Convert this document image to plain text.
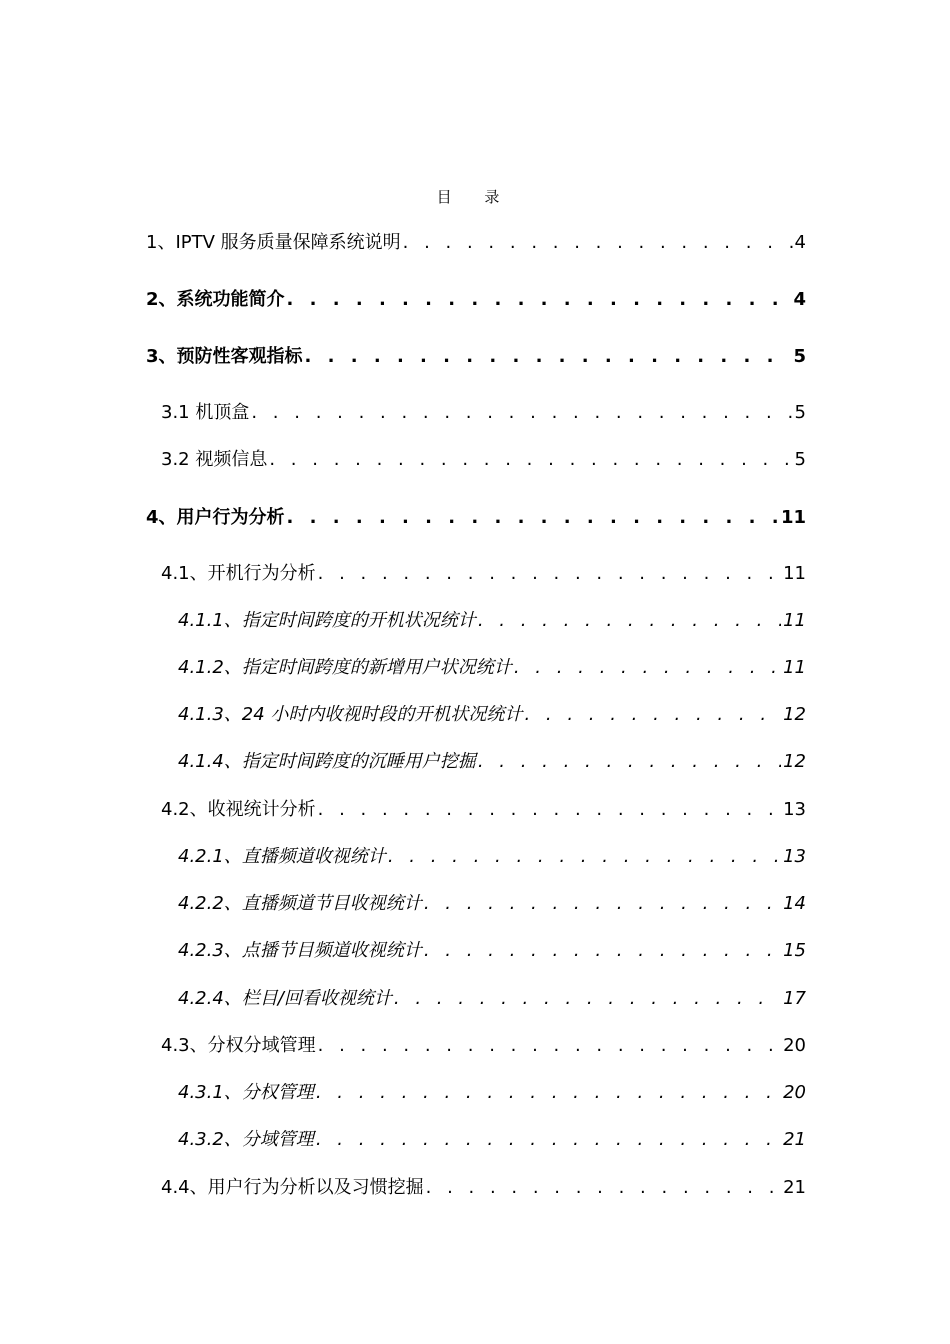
目 录
1、IPTV 服务质量保障系统说明 . . .	4
2、系统功能简介 . . .	4
3、预防性客观指标 . . .	5
3.1 机顶盒 . . .	5
3.2 视频信息 . . .	5
4、用户行为分析 . . .	11
4.1、开机行为分析 . . .	11
4.1.1、指定时间跨度的开机状况统计 . . .	11
4.1.2、指定时间跨度的新增用户状况统计 . . .	11
4.1.3、24 小时内收视时段的开机状况统计 . . .	12
4.1.4、指定时间跨度的沉睡用户挖掘 . . .	12
4.2、收视统计分析 . . .	13
4.2.1、直播频道收视统计 . . .	13
4.2.2、直播频道节目收视统计 . . .	14
4.2.3、点播节目频道收视统计 . . .	15
4.2.4、栏目/回看收视统计 . . .	17
4.3、分权分域管理 . . .	20
4.3.1、分权管理 . . .	20
4.3.2、分域管理 . . .	21
4.4、用户行为分析以及习惯挖掘 . . .	21
